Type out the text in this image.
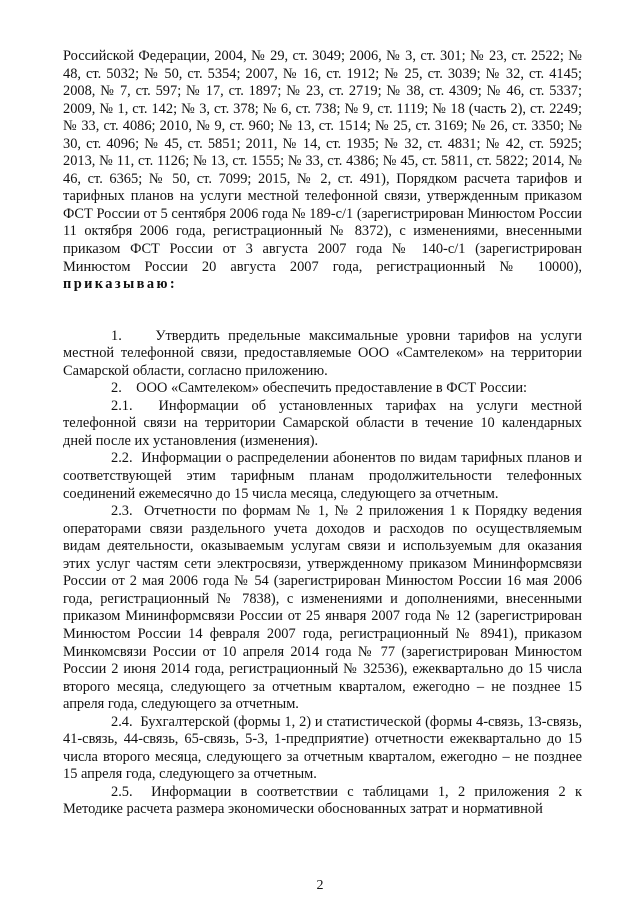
Российской Федерации, 2004, № 29, ст. 3049; 2006, № 3, ст. 301; № 23, ст. 2522; № 48, ст. 5032; № 50, ст. 5354; 2007, № 16, ст. 1912; № 25, ст. 3039; № 32, ст. 4145; 2008, № 7, ст. 597; № 17, ст. 1897; № 23, ст. 2719; № 38, ст. 4309; № 46, ст. 5337; 2009, № 1, ст. 142; № 3, ст. 378; № 6, ст. 738; № 9, ст. 1119; № 18 (часть 2), ст. 2249; № 33, ст. 4086; 2010, № 9, ст. 960; № 13, ст. 1514; № 25, ст. 3169; № 26, ст. 3350; № 30, ст. 4096; № 45, ст. 5851; 2011, № 14, ст. 1935; № 32, ст. 4831; № 42, ст. 5925; 2013, № 11, ст. 1126; № 13, ст. 1555; № 33, ст. 4386; № 45, ст. 5811, ст. 5822; 2014, № 46, ст. 6365; № 50, ст. 7099; 2015, № 2, ст. 491), Порядком расчета тарифов и тарифных планов на услуги местной телефонной связи, утвержденным приказом ФСТ России от 5 сентября 2006 года № 189-с/1 (зарегистрирован Минюстом России 11 октября 2006 года, регистрационный № 8372), с изменениями, внесенными приказом ФСТ России от 3 августа 2007 года № 140-с/1 (зарегистрирован Минюстом России 20 августа 2007 года, регистрационный № 10000), приказываю:

1.    Утвердить предельные максимальные уровни тарифов на услуги местной телефонной связи, предоставляемые ООО «Самтелеком» на территории Самарской области, согласно приложению.

2.    ООО «Самтелеком» обеспечить предоставление в ФСТ России:

2.1.  Информации об установленных тарифах на услуги местной телефонной связи на территории Самарской области в течение 10 календарных дней после их установления (изменения).

2.2.  Информации о распределении абонентов по видам тарифных планов и соответствующей этим тарифным планам продолжительности телефонных соединений ежемесячно до 15 числа месяца, следующего за отчетным.

2.3.  Отчетности по формам № 1, № 2 приложения 1 к Порядку ведения операторами связи раздельного учета доходов и расходов по осуществляемым видам деятельности, оказываемым услугам связи и используемым для оказания этих услуг частям сети электросвязи, утвержденному приказом Мининформсвязи России от 2 мая 2006 года № 54 (зарегистрирован Минюстом России 16 мая 2006 года, регистрационный № 7838), с изменениями и дополнениями, внесенными приказом Мининформсвязи России от 25 января 2007 года № 12 (зарегистрирован Минюстом России 14 февраля 2007 года, регистрационный № 8941), приказом Минкомсвязи России от 10 апреля 2014 года № 77 (зарегистрирован Минюстом России 2 июня 2014 года, регистрационный № 32536), ежеквартально до 15 числа второго месяца, следующего за отчетным кварталом, ежегодно – не позднее 15 апреля года, следующего за отчетным.

2.4.  Бухгалтерской (формы 1, 2) и статистической (формы 4-связь, 13-связь, 41-связь, 44-связь, 65-связь, 5-3, 1-предприятие) отчетности ежеквартально до 15 числа второго месяца, следующего за отчетным кварталом, ежегодно – не позднее 15 апреля года, следующего за отчетным.

2.5.  Информации в соответствии с таблицами 1, 2 приложения 2 к Методике расчета размера экономически обоснованных затрат и нормативной

2
